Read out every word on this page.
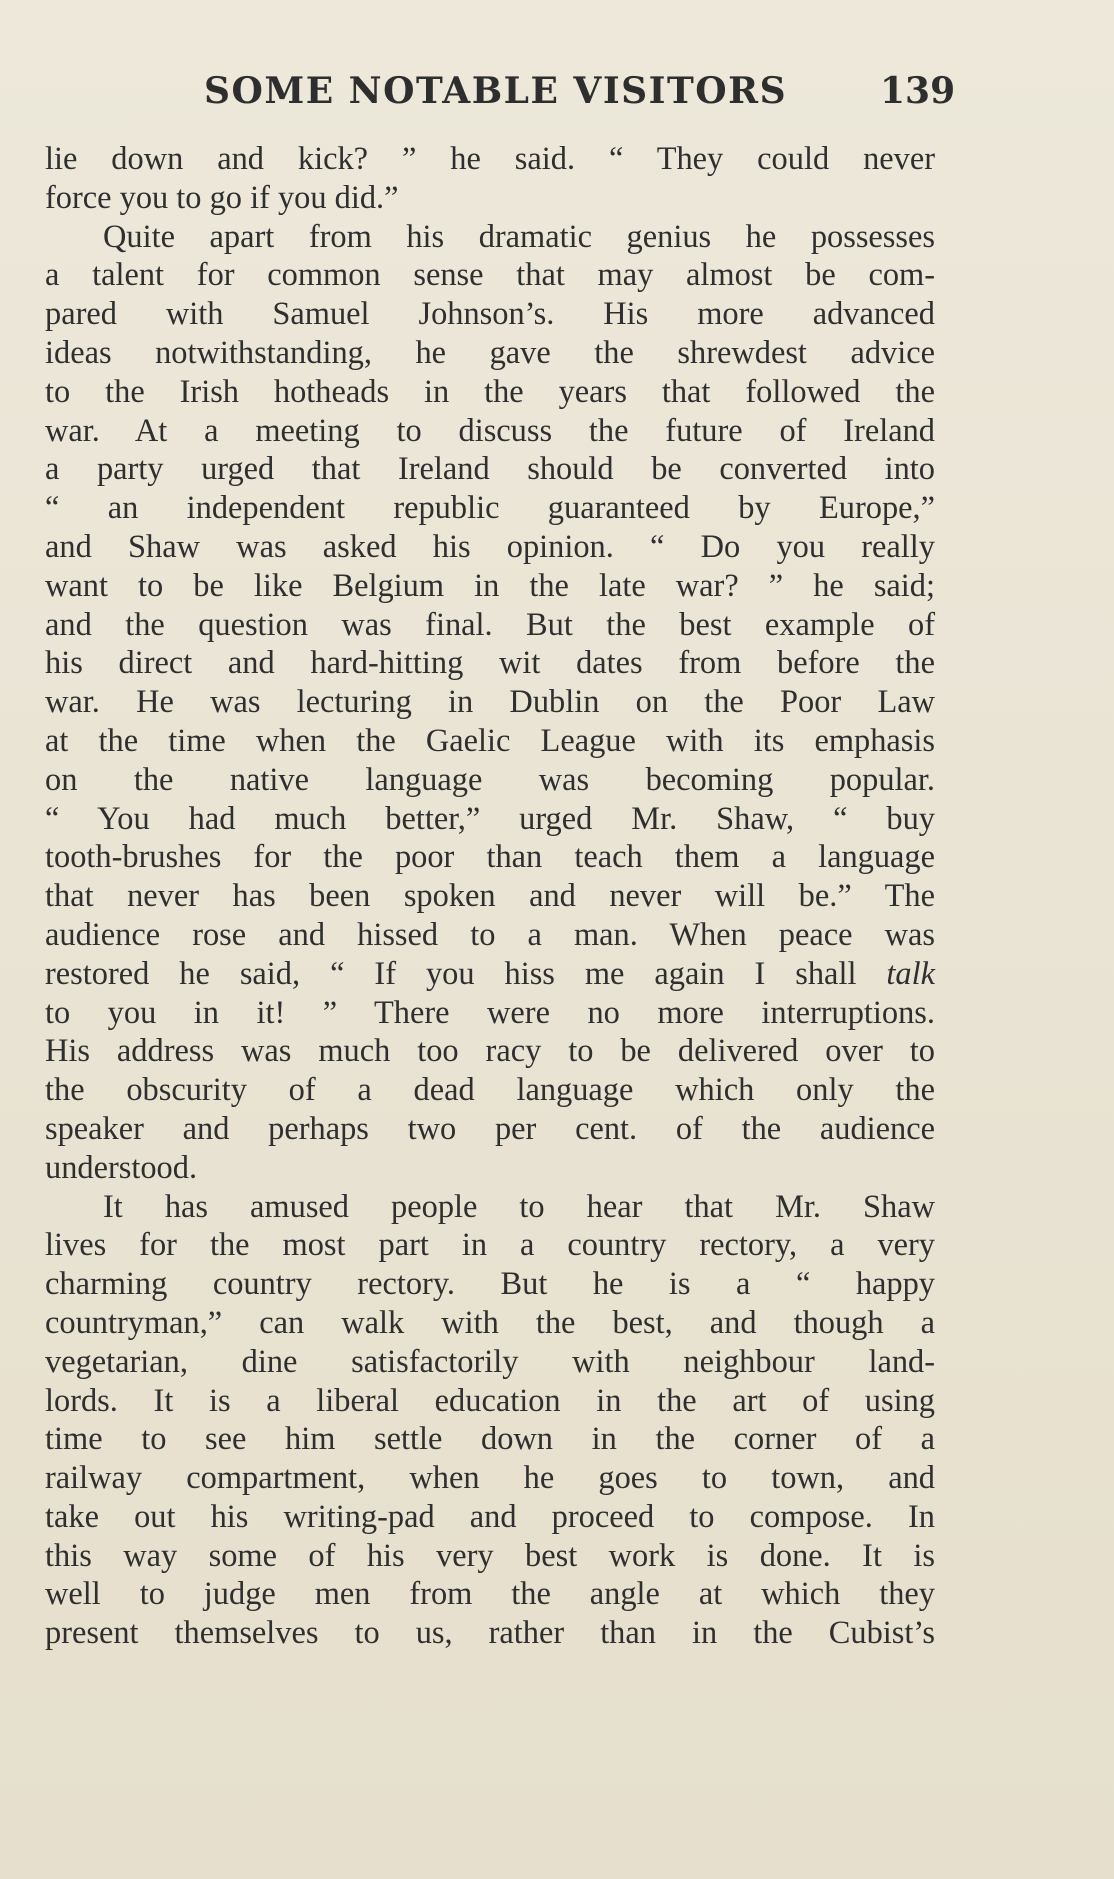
SOME NOTABLE VISITORS	139
lie down and kick? ” he said. “ They could never
force you to go if you did.”
Quite apart from his dramatic genius he possesses
a talent for common sense that may almost be com-
pared with Samuel Johnson’s. His more advanced
ideas notwithstanding, he gave the shrewdest advice
to the Irish hotheads in the years that followed the
war. At a meeting to discuss the future of Ireland
a party urged that Ireland should be converted into
“ an independent republic guaranteed by Europe,”
and Shaw was asked his opinion. “ Do you really
want to be like Belgium in the late war? ” he said;
and the question was final. But the best example of
his direct and hard-hitting wit dates from before the
war. He was lecturing in Dublin on the Poor Law
at the time when the Gaelic League with its emphasis
on the native language was becoming popular.
“ You had much better,” urged Mr. Shaw, “ buy
tooth-brushes for the poor than teach them a language
that never has been spoken and never will be.” The
audience rose and hissed to a man. When peace was
restored he said, “ If you hiss me again I shall talk
to you in it! ” There were no more interruptions.
His address was much too racy to be delivered over to
the obscurity of a dead language which only the
speaker and perhaps two per cent. of the audience
understood.
It has amused people to hear that Mr. Shaw
lives for the most part in a country rectory, a very
charming country rectory. But he is a “ happy
countryman,” can walk with the best, and though a
vegetarian, dine satisfactorily with neighbour land-
lords. It is a liberal education in the art of using
time to see him settle down in the corner of a
railway compartment, when he goes to town, and
take out his writing-pad and proceed to compose. In
this way some of his very best work is done. It is
well to judge men from the angle at which they
present themselves to us, rather than in the Cubist’s
